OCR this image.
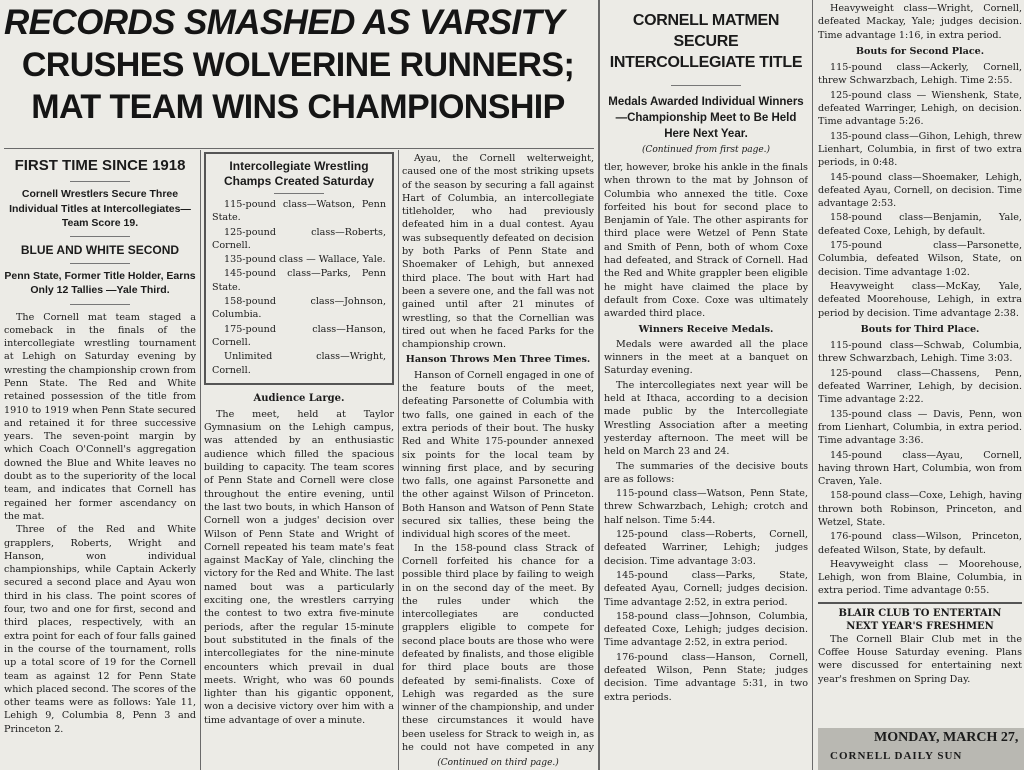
RECORDS SMASHED AS VARSITY
CRUSHES WOLVERINE RUNNERS;
MAT TEAM WINS CHAMPIONSHIP
FIRST TIME SINCE 1918
Cornell Wrestlers Secure Three Individual Titles at Intercollegiates— Team Score 19.
BLUE AND WHITE SECOND
Penn State, Former Title Holder, Earns Only 12 Tallies —Yale Third.

The Cornell mat team staged a comeback in the finals of the intercollegiate wrestling tournament at Lehigh on Saturday evening by wresting the championship crown from Penn State. The Red and White retained possession of the title from 1910 to 1919 when Penn State secured and retained it for three successive years. The seven-point margin by which Coach O'Connell's aggregation downed the Blue and White leaves no doubt as to the superiority of the local team, and indicates that Cornell has regained her former ascendancy on the mat.

Three of the Red and White grapplers, Roberts, Wright and Hanson, won individual championships, while Captain Ackerly secured a second place and Ayau won third in his class. The point scores of four, two and one for first, second and third places, respectively, with an extra point for each of four falls gained in the course of the tournament, rolls up a total score of 19 for the Cornell team as against 12 for Penn State which placed second. The scores of the other teams were as follows: Yale 11, Lehigh 9, Columbia 8, Penn 3 and Princeton 2.

Intercollegiate Wrestling Champs Created Saturday

115-pound class—Watson, Penn State.

125-pound class—Roberts, Cornell.

135-pound class — Wallace, Yale.

145-pound class—Parks, Penn State.

158-pound class—Johnson, Columbia.

175-pound class—Hanson, Cornell.

Unlimited class—Wright, Cornell.

Audience Large.

The meet, held at Taylor Gymnasium on the Lehigh campus, was attended by an enthusiastic audience which filled the spacious building to capacity. The team scores of Penn State and Cornell were close throughout the entire evening, until the last two bouts, in which Hanson of Cornell won a judges' decision over Wilson of Penn State and Wright of Cornell repeated his team mate's feat against MacKay of Yale, clinching the victory for the Red and White. The last named bout was a particularly exciting one, the wrestlers carrying the contest to two extra five-minute periods, after the regular 15-minute bout substituted in the finals of the intercollegiates for the nine-minute encounters which prevail in dual meets. Wright, who was 60 pounds lighter than his gigantic opponent, won a decisive victory over him with a time advantage of over a minute.

Ayau, the Cornell welterweight, caused one of the most striking upsets of the season by securing a fall against Hart of Columbia, an intercollegiate titleholder, who had previously defeated him in a dual contest. Ayau was subsequently defeated on decision by both Parks of Penn State and Shoemaker of Lehigh, but annexed third place. The bout with Hart had been a severe one, and the fall was not gained until after 21 minutes of wrestling, so that the Cornellian was tired out when he faced Parks for the championship crown.

Hanson Throws Men Three Times.

Hanson of Cornell engaged in one of the feature bouts of the meet, defeating Parsonette of Columbia with two falls, one gained in each of the extra periods of their bout. The husky Red and White 175-pounder annexed six points for the local team by winning first place, and by securing two falls, one against Parsonette and the other against Wilson of Princeton. Both Hanson and Watson of Penn State secured six tallies, these being the individual high scores of the meet.

In the 158-pound class Strack of Cornell forfeited his chance for a possible third place by failing to weigh in on the second day of the meet. By the rules under which the intercollegiates are conducted grapplers eligible to compete for second place bouts are those who were defeated by finalists, and those eligible for third place bouts are those defeated by semi-finalists. Coxe of Lehigh was regarded as the sure winner of the championship, and under these circumstances it would have been useless for Strack to weigh in, as he could not have competed in any

(Continued on third page.)
CORNELL MATMEN SECURE INTERCOLLEGIATE TITLE
Medals Awarded Individual Winners—Championship Meet to Be Held Here Next Year.
(Continued from first page.)

tler, however, broke his ankle in the finals when thrown to the mat by Johnson of Columbia who annexed the title. Coxe forfeited his bout for second place to Benjamin of Yale. The other aspirants for third place were Wetzel of Penn State and Smith of Penn, both of whom Coxe had defeated, and Strack of Cornell. Had the Red and White grappler been eligible he might have claimed the place by default from Coxe. Coxe was ultimately awarded third place.

Winners Receive Medals.

Medals were awarded all the place winners in the meet at a banquet on Saturday evening.

The intercollegiates next year will be held at Ithaca, according to a decision made public by the Intercollegiate Wrestling Association after a meeting yesterday afternoon. The meet will be held on March 23 and 24.

The summaries of the decisive bouts are as follows:

115-pound class—Watson, Penn State, threw Schwarzbach, Lehigh; crotch and half nelson. Time 5:44.

125-pound class—Roberts, Cornell, defeated Warriner, Lehigh; judges decision. Time advantage 3:03.

145-pound class—Parks, State, defeated Ayau, Cornell; judges decision. Time advantage 2:52, in extra period.

158-pound class—Johnson, Columbia, defeated Coxe, Lehigh; judges decision. Time advantage 2:52, in extra period.

176-pound class—Hanson, Cornell, defeated Wilson, Penn State; judges decision. Time advantage 5:31, in two extra periods.

Heavyweight class—Wright, Cornell, defeated Mackay, Yale; judges decision. Time advantage 1:16, in extra period.

Bouts for Second Place.

115-pound class—Ackerly, Cornell, threw Schwarzbach, Lehigh. Time 2:55.

125-pound class — Wienshenk, State, defeated Warringer, Lehigh, on decision. Time advantage 5:26.

135-pound class—Gihon, Lehigh, threw Lienhart, Columbia, in first of two extra periods, in 0:48.

145-pound class—Shoemaker, Lehigh, defeated Ayau, Cornell, on decision. Time advantage 2:53.

158-pound class—Benjamin, Yale, defeated Coxe, Lehigh, by default.

175-pound class—Parsonette, Columbia, defeated Wilson, State, on decision. Time advantage 1:02.

Heavyweight class—McKay, Yale, defeated Moorehouse, Lehigh, in extra period by decision. Time advantage 2:38.

Bouts for Third Place.

115-pound class—Schwab, Columbia, threw Schwarzbach, Lehigh. Time 3:03.

125-pound class—Chassens, Penn, defeated Warriner, Lehigh, by decision. Time advantage 2:22.

135-pound class — Davis, Penn, won from Lienhart, Columbia, in extra period. Time advantage 3:36.

145-pound class—Ayau, Cornell, having thrown Hart, Columbia, won from Craven, Yale.

158-pound class—Coxe, Lehigh, having thrown both Robinson, Princeton, and Wetzel, State.

176-pound class—Wilson, Princeton, defeated Wilson, State, by default.

Heavyweight class — Moorehouse, Lehigh, won from Blaine, Columbia, in extra period. Time advantage 0:55.

BLAIR CLUB TO ENTERTAIN
NEXT YEAR'S FRESHMEN

The Cornell Blair Club met in the Coffee House Saturday evening. Plans were discussed for entertaining next year's freshmen on Spring Day.

MONDAY, MARCH 27,
CORNELL DAILY SUN
